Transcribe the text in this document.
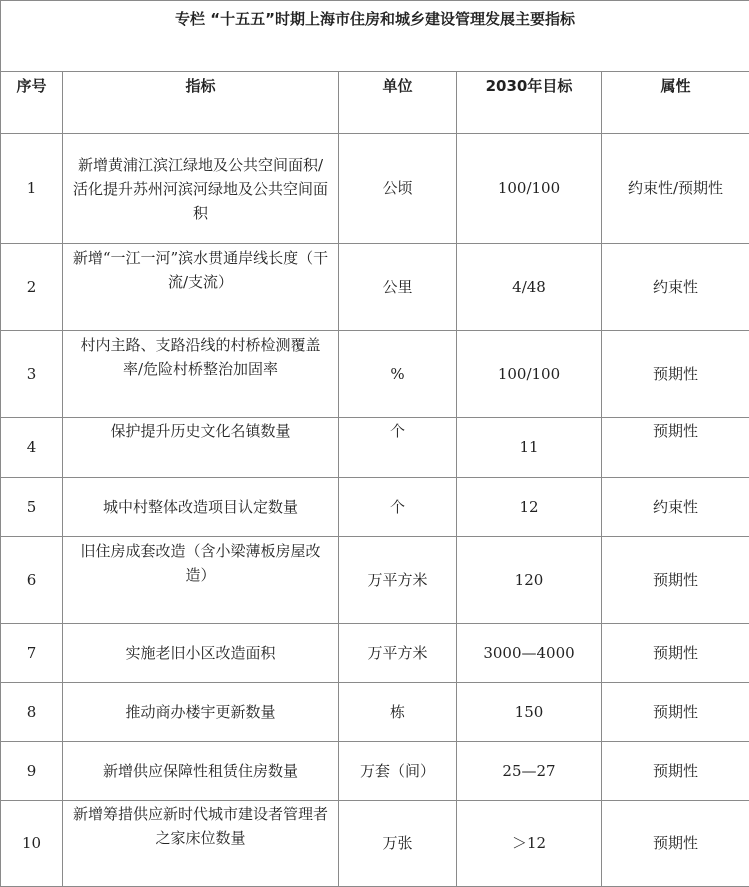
专栏 “十五五”时期上海市住房和城乡建设管理发展主要指标				
序号	指标	单位	2030年目标	属性
1	新增黄浦江滨江绿地及公共空间面积/活化提升苏州河滨河绿地及公共空间面积	公顷	100/100	约束性/预期性
2	新增“一江一河”滨水贯通岸线长度（干流/支流）	公里	4/48	约束性
3	村内主路、支路沿线的村桥检测覆盖率/危险村桥整治加固率	%	100/100	预期性
4	保护提升历史文化名镇数量	个	11	预期性
5	城中村整体改造项目认定数量	个	12	约束性
6	旧住房成套改造（含小梁薄板房屋改造）	万平方米	120	预期性
7	实施老旧小区改造面积	万平方米	3000—4000	预期性
8	推动商办楼宇更新数量	栋	150	预期性
9	新增供应保障性租赁住房数量	万套（间）	25—27	预期性
10	新增筹措供应新时代城市建设者管理者之家床位数量	万张	＞12	预期性
